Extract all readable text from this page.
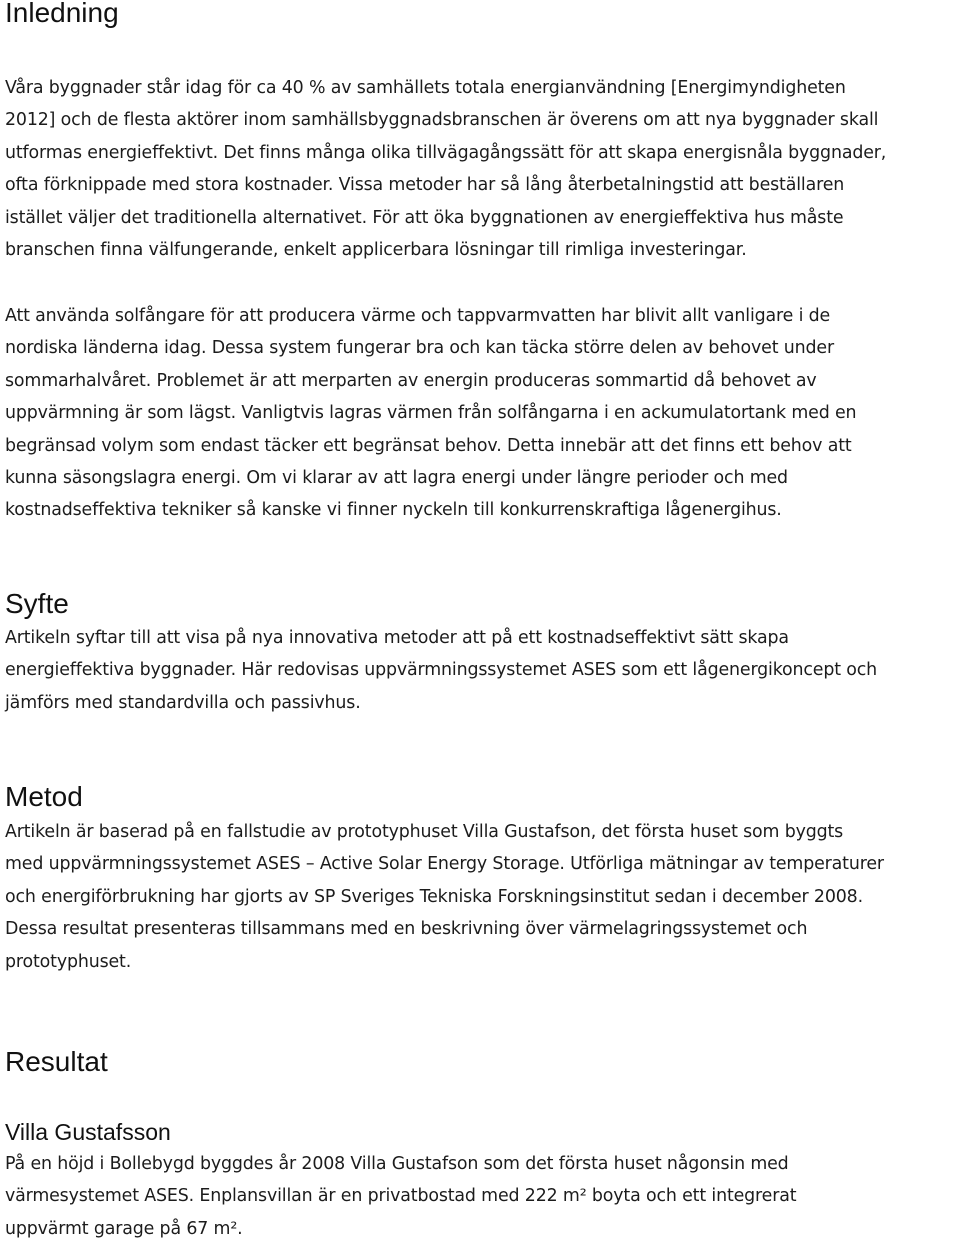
Inledning

Våra byggnader står idag för ca 40 % av samhällets totala energianvändning [Energimyndigheten
2012] och de flesta aktörer inom samhällsbyggnadsbranschen är överens om att nya byggnader skall
utformas energieffektivt. Det finns många olika tillvägagångssätt för att skapa energisnåla byggnader,
ofta förknippade med stora kostnader. Vissa metoder har så lång återbetalningstid att beställaren
istället väljer det traditionella alternativet. För att öka byggnationen av energieffektiva hus måste
branschen finna välfungerande, enkelt applicerbara lösningar till rimliga investeringar.

Att använda solfångare för att producera värme och tappvarmvatten har blivit allt vanligare i de
nordiska länderna idag. Dessa system fungerar bra och kan täcka större delen av behovet under
sommarhalvåret. Problemet är att merparten av energin produceras sommartid då behovet av
uppvärmning är som lägst. Vanligtvis lagras värmen från solfångarna i en ackumulatortank med en
begränsad volym som endast täcker ett begränsat behov. Detta innebär att det finns ett behov att
kunna säsongslagra energi. Om vi klarar av att lagra energi under längre perioder och med
kostnadseffektiva tekniker så kanske vi finner nyckeln till konkurrenskraftiga lågenergihus.

Syfte

Artikeln syftar till att visa på nya innovativa metoder att på ett kostnadseffektivt sätt skapa
energieffektiva byggnader. Här redovisas uppvärmningssystemet ASES som ett lågenergikoncept och
jämförs med standardvilla och passivhus.

Metod

Artikeln är baserad på en fallstudie av prototyphuset Villa Gustafson, det första huset som byggts
med uppvärmningssystemet ASES – Active Solar Energy Storage. Utförliga mätningar av temperaturer
och energiförbrukning har gjorts av SP Sveriges Tekniska Forskningsinstitut sedan i december 2008.
Dessa resultat presenteras tillsammans med en beskrivning över värmelagringssystemet och
prototyphuset.

Resultat
Villa Gustafsson

På en höjd i Bollebygd byggdes år 2008 Villa Gustafson som det första huset någonsin med
värmesystemet ASES. Enplansvillan är en privatbostad med 222 m² boyta och ett integrerat
uppvärmt garage på 67 m².
